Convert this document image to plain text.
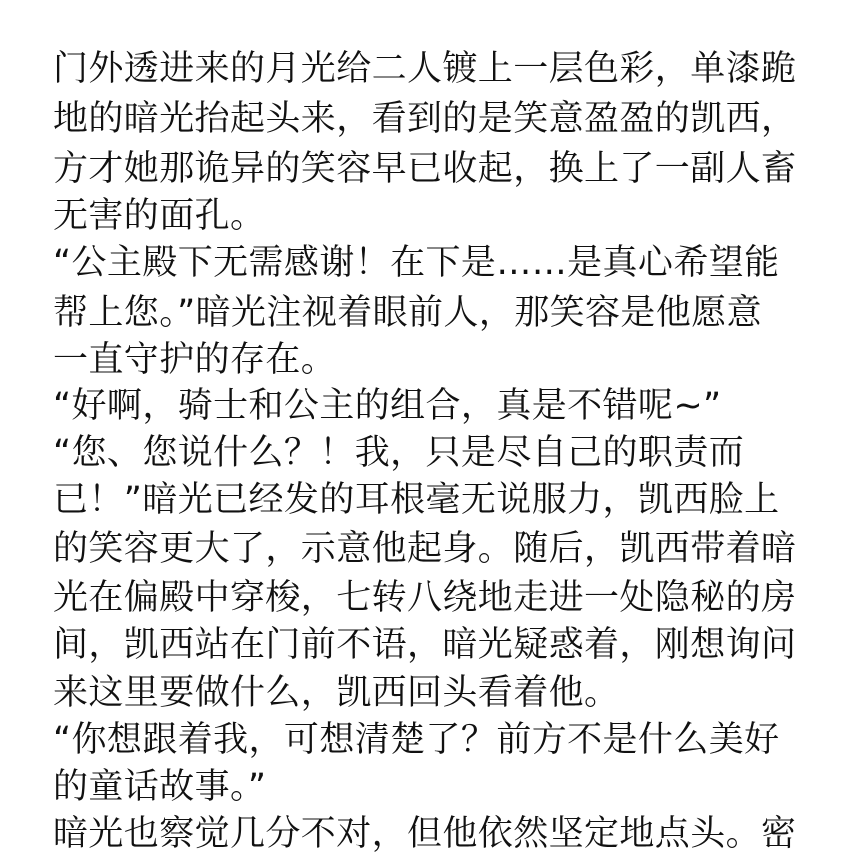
门外透进来的月光给二人镀上一层色彩，单漆跪
地的暗光抬起头来，看到的是笑意盈盈的凯西，
方才她那诡异的笑容早已收起，换上了一副人畜
无害的面孔。
“公主殿下无需感谢！在下是……是真心希望能
帮上您。”暗光注视着眼前人，那笑容是他愿意
一直守护的存在。
“好啊，骑士和公主的组合，真是不错呢~”
“您、您说什么？！我，只是尽自己的职责而
已！”暗光已经发的耳根毫无说服力，凯西脸上
的笑容更大了，示意他起身。随后，凯西带着暗
光在偏殿中穿梭，七转八绕地走进一处隐秘的房
间，凯西站在门前不语，暗光疑惑着，刚想询问
来这里要做什么，凯西回头看着他。
“你想跟着我，可想清楚了？前方不是什么美好
的童话故事。”
暗光也察觉几分不对，但他依然坚定地点头。密
